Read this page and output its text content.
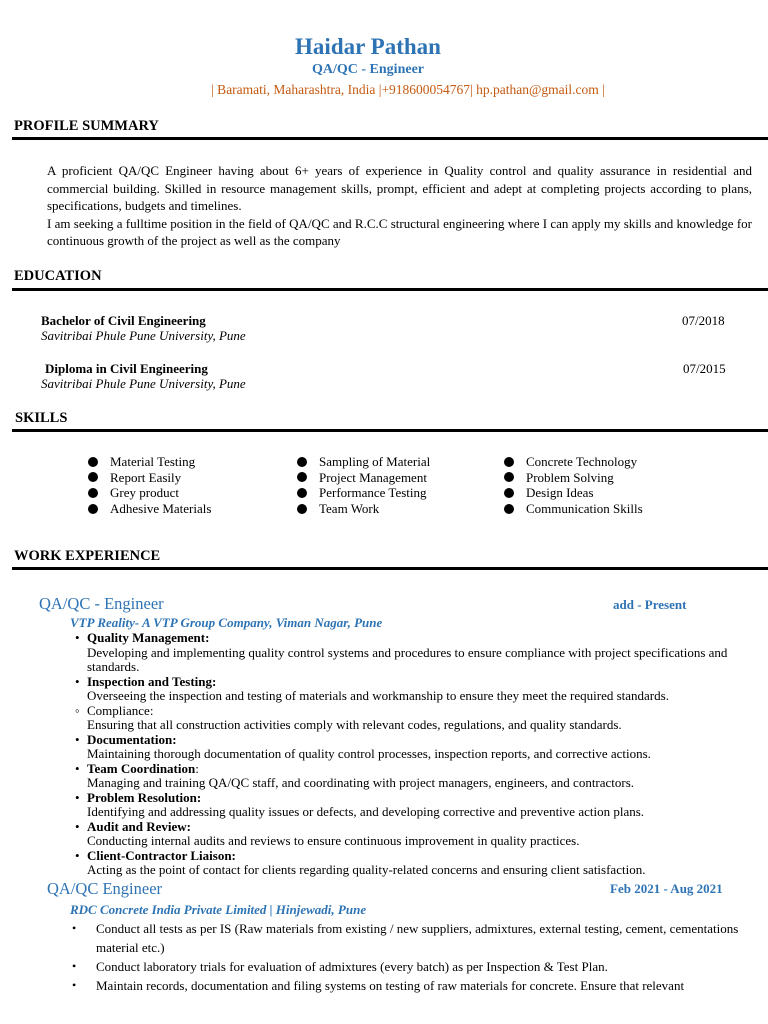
Haidar Pathan
QA/QC - Engineer
| Baramati, Maharashtra, India |+918600054767| hp.pathan@gmail.com |
PROFILE SUMMARY

A proficient QA/QC Engineer having about 6+ years of experience in Quality control and quality assurance in residential and commercial building. Skilled in resource management skills, prompt, efficient and adept at completing projects according to plans, specifications, budgets and timelines.

I am seeking a fulltime position in the field of QA/QC and R.C.C structural engineering where I can apply my skills and knowledge for continuous growth of the project as well as the company

EDUCATION
Bachelor of Civil Engineering
Savitribai Phule Pune University, Pune
07/2018
Diploma in Civil Engineering
Savitribai Phule Pune University, Pune
07/2015
SKILLS
Material Testing
Report Easily
Grey product
Adhesive Materials
Sampling of Material
Project Management
Performance Testing
Team Work
Concrete Technology
Problem Solving
Design Ideas
Communication Skills
WORK EXPERIENCE
QA/QC - Engineer	add - Present
VTP Reality- A VTP Group Company, Viman Nagar, Pune
• Quality Management:
Developing and implementing quality control systems and procedures to ensure compliance with project specifications and standards.
• Inspection and Testing:
Overseeing the inspection and testing of materials and workmanship to ensure they meet the required standards.
◦ Compliance:
Ensuring that all construction activities comply with relevant codes, regulations, and quality standards.
• Documentation:
Maintaining thorough documentation of quality control processes, inspection reports, and corrective actions.
• Team Coordination:
Managing and training QA/QC staff, and coordinating with project managers, engineers, and contractors.
• Problem Resolution:
Identifying and addressing quality issues or defects, and developing corrective and preventive action plans.
• Audit and Review:
Conducting internal audits and reviews to ensure continuous improvement in quality practices.
• Client-Contractor Liaison:
Acting as the point of contact for clients regarding quality-related concerns and ensuring client satisfaction.
QA/QC Engineer	Feb 2021 - Aug 2021
RDC Concrete India Private Limited | Hinjewadi, Pune
• Conduct all tests as per IS (Raw materials from existing / new suppliers, admixtures, external testing, cement, cementations material etc.)
• Conduct laboratory trials for evaluation of admixtures (every batch) as per Inspection & Test Plan.
• Maintain records, documentation and filing systems on testing of raw materials for concrete. Ensure that relevant
